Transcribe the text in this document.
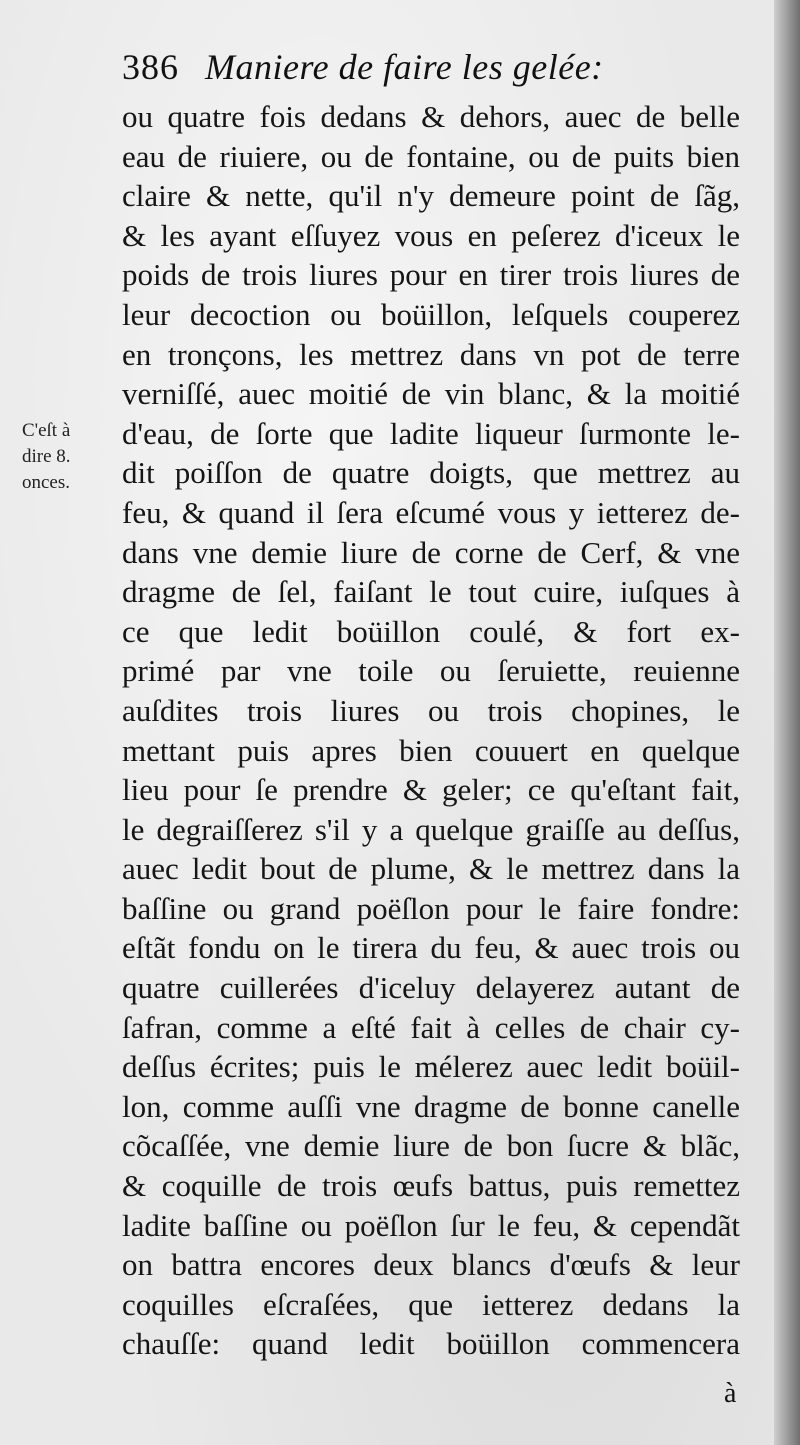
386 Maniere de faire les gelée:
C'eſt à
dire 8.
onces.
ou quatre fois dedans & dehors, auec de belle
eau de riuiere, ou de fontaine, ou de puits bien
claire & nette, qu'il n'y demeure point de ſãg,
& les ayant eſſuyez vous en peſerez d'iceux le
poids de trois liures pour en tirer trois liures de
leur decoction ou boüillon, leſquels couperez
en tronçons, les mettrez dans vn pot de terre
verniſſé, auec moitié de vin blanc, & la moitié
d'eau, de ſorte que ladite liqueur ſurmonte le-
dit poiſſon de quatre doigts, que mettrez au
feu, & quand il ſera eſcumé vous y ietterez de-
dans vne demie liure de corne de Cerf, & vne
dragme de ſel, faiſant le tout cuire, iuſques à
ce que ledit boüillon coulé, & fort ex-
primé par vne toile ou ſeruiette, reuienne
auſdites trois liures ou trois chopines, le
mettant puis apres bien couuert en quelque
lieu pour ſe prendre & geler; ce qu'eſtant fait,
le degraiſſerez s'il y a quelque graiſſe au deſſus,
auec ledit bout de plume, & le mettrez dans la
baſſine ou grand poëſlon pour le faire fondre:
eſtãt fondu on le tirera du feu, & auec trois ou
quatre cuillerées d'iceluy delayerez autant de
ſafran, comme a eſté fait à celles de chair cy-
deſſus écrites; puis le mélerez auec ledit boüil-
lon, comme auſſi vne dragme de bonne canelle
cõcaſſée, vne demie liure de bon ſucre & blãc,
& coquille de trois œufs battus, puis remettez
ladite baſſine ou poëſlon ſur le feu, & cependãt
on battra encores deux blancs d'œufs & leur
coquilles eſcraſées, que ietterez dedans la
chauſſe: quand ledit boüillon commencera
à
